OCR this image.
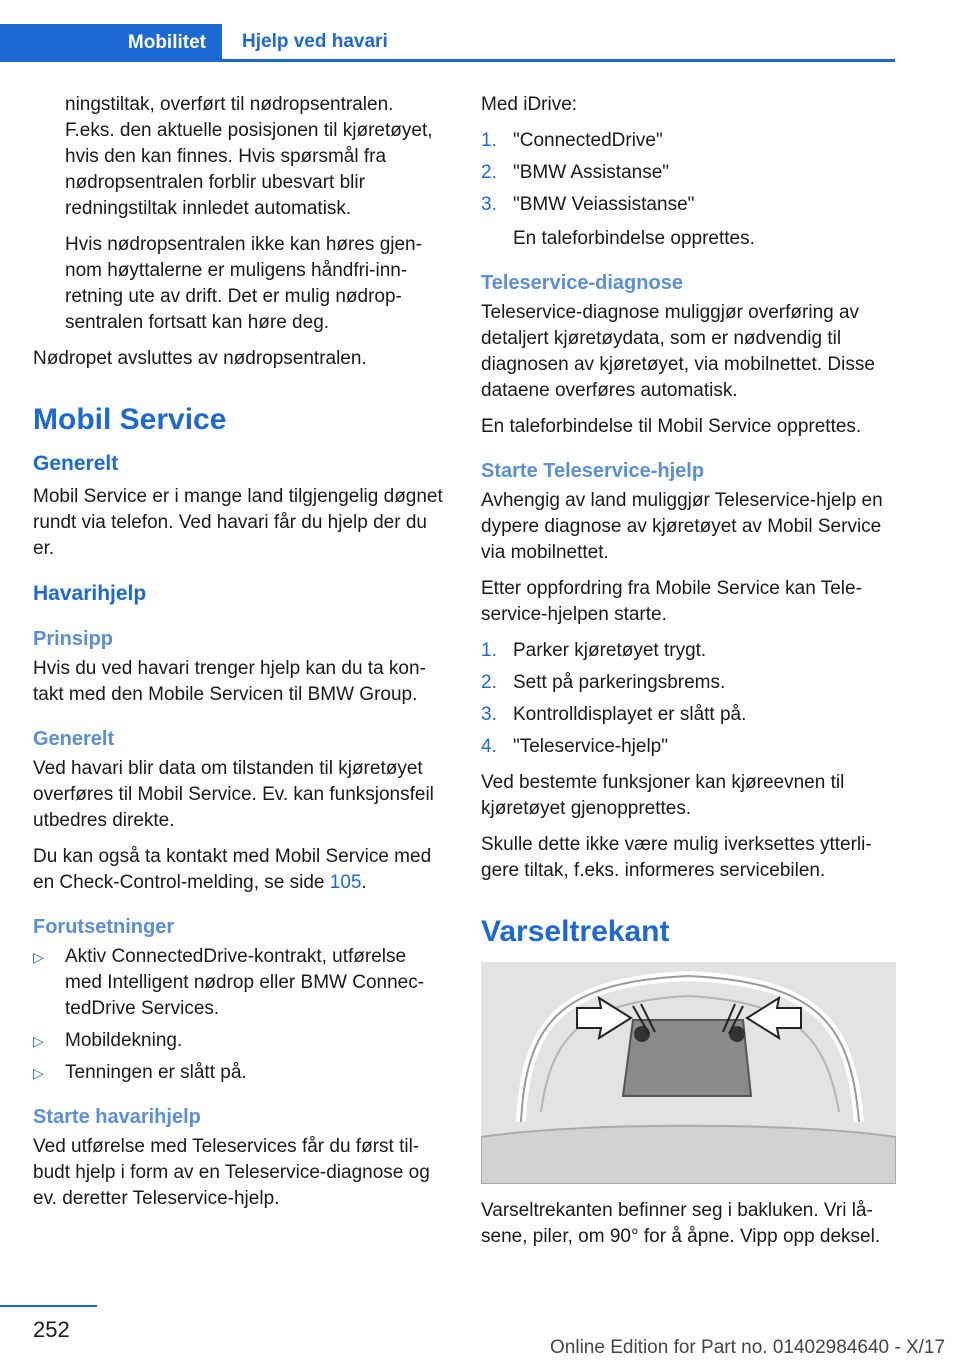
Mobilitet	Hjelp ved havari

ningstiltak, overført til nødropsentralen. F.eks. den aktuelle posisjonen til kjøretøyet, hvis den kan finnes. Hvis spørsmål fra nødropsentralen forblir ubesvart blir redningstiltak innledet automatisk.

Hvis nødropsentralen ikke kan høres gjennom høyttalerne er muligens håndfri-innretning ute av drift. Det er mulig nødropsentralen fortsatt kan høre deg.

Nødropet avsluttes av nødropsentralen.

Mobil Service
Generelt

Mobil Service er i mange land tilgjengelig døgnet rundt via telefon. Ved havari får du hjelp der du er.

Havarihjelp
Prinsipp

Hvis du ved havari trenger hjelp kan du ta kontakt med den Mobile Servicen til BMW Group.

Generelt

Ved havari blir data om tilstanden til kjøretøyet overføres til Mobil Service. Ev. kan funksjonsfeil utbedres direkte.

Du kan også ta kontakt med Mobil Service med en Check-Control-melding, se side 105.

Forutsetninger
▷	Aktiv ConnectedDrive-kontrakt, utførelse med Intelligent nødrop eller BMW ConnectedDrive Services.
▷	Mobildekning.
▷	Tenningen er slått på.
Starte havarihjelp

Ved utførelse med Teleservices får du først tilbudt hjelp i form av en Teleservice-diagnose og ev. deretter Teleservice-hjelp.

Med iDrive:

1. "ConnectedDrive"
2. "BMW Assistanse"
3. "BMW Veiassistanse"

En taleforbindelse opprettes.

Teleservice-diagnose

Teleservice-diagnose muliggjør overføring av detaljert kjøretøydata, som er nødvendig til diagnosen av kjøretøyet, via mobilnettet. Disse dataene overføres automatisk.

En taleforbindelse til Mobil Service opprettes.

Starte Teleservice-hjelp

Avhengig av land muliggjør Teleservice-hjelp en dypere diagnose av kjøretøyet av Mobil Service via mobilnettet.

Etter oppfordring fra Mobile Service kan Teleservice-hjelpen starte.

1. Parker kjøretøyet trygt.
2. Sett på parkeringsbrems.
3. Kontrolldisplayet er slått på.
4. "Teleservice-hjelp"

Ved bestemte funksjoner kan kjøreevnen til kjøretøyet gjenopprettes.

Skulle dette ikke være mulig iverksettes ytterligere tiltak, f.eks. informeres servicebilen.

Varseltrekant

Varseltrekanten befinner seg i bakluken. Vri låsene, piler, om 90° for å åpne. Vipp opp deksel.

252
Online Edition for Part no. 01402984640 - X/17
